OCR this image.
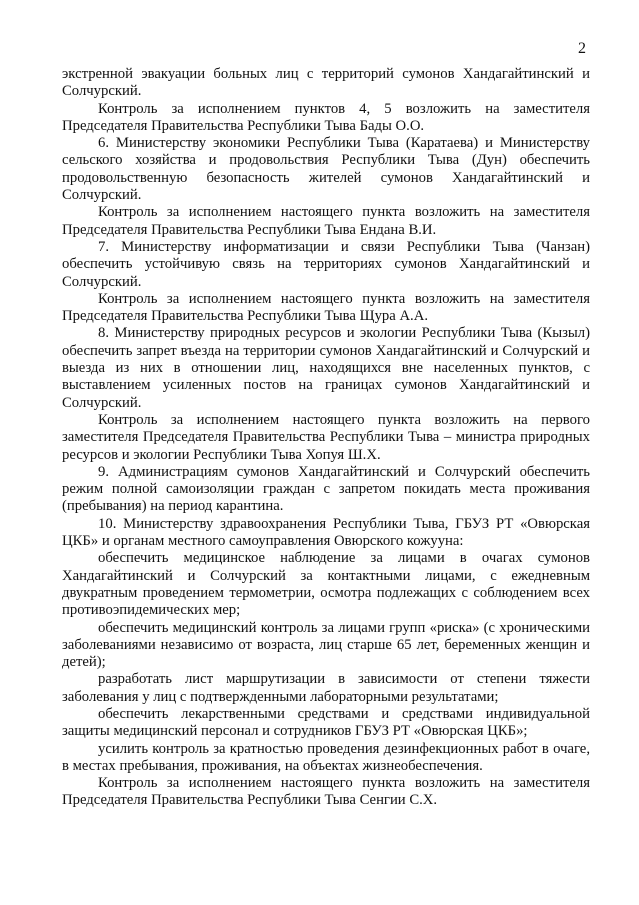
2

экстренной эвакуации больных лиц с территорий сумонов Хандагайтинский и Солчурский.

Контроль за исполнением пунктов 4, 5 возложить на заместителя Председателя Правительства Республики Тыва Бады О.О.

6. Министерству экономики Республики Тыва (Каратаева) и Министерству сельского хозяйства и продовольствия Республики Тыва (Дун) обеспечить продовольственную безопасность жителей сумонов Хандагайтинский и Солчурский.

Контроль за исполнением настоящего пункта возложить на заместителя Председателя Правительства Республики Тыва Ендана В.И.

7. Министерству информатизации и связи Республики Тыва (Чанзан) обеспечить устойчивую связь на территориях сумонов Хандагайтинский и Солчурский.

Контроль за исполнением настоящего пункта возложить на заместителя Председателя Правительства Республики Тыва Щура А.А.

8. Министерству природных ресурсов и экологии Республики Тыва (Кызыл) обеспечить запрет въезда на территории сумонов Хандагайтинский и Солчурский и выезда из них в отношении лиц, находящихся вне населенных пунктов, с выставлением усиленных постов на границах сумонов Хандагайтинский и Солчурский.

Контроль за исполнением настоящего пункта возложить на первого заместителя Председателя Правительства Республики Тыва – министра природных ресурсов и экологии Республики Тыва Хопуя Ш.Х.

9. Администрациям сумонов Хандагайтинский и Солчурский обеспечить режим полной самоизоляции граждан с запретом покидать места проживания (пребывания) на период карантина.

10. Министерству здравоохранения Республики Тыва, ГБУЗ РТ «Овюрская ЦКБ» и органам местного самоуправления Овюрского кожууна:

обеспечить медицинское наблюдение за лицами в очагах сумонов Хандагайтинский и Солчурский за контактными лицами, с ежедневным двукратным проведением термометрии, осмотра подлежащих с соблюдением всех противоэпидемических мер;

обеспечить медицинский контроль за лицами групп «риска» (с хроническими заболеваниями независимо от возраста, лиц старше 65 лет, беременных женщин и детей);

разработать лист маршрутизации в зависимости от степени тяжести заболевания у лиц с подтвержденными лабораторными результатами;

обеспечить лекарственными средствами и средствами индивидуальной защиты медицинский персонал и сотрудников ГБУЗ РТ «Овюрская ЦКБ»;

усилить контроль за кратностью проведения дезинфекционных работ в очаге, в местах пребывания, проживания, на объектах жизнеобеспечения.

Контроль за исполнением настоящего пункта возложить на заместителя Председателя Правительства Республики Тыва Сенгии С.Х.
